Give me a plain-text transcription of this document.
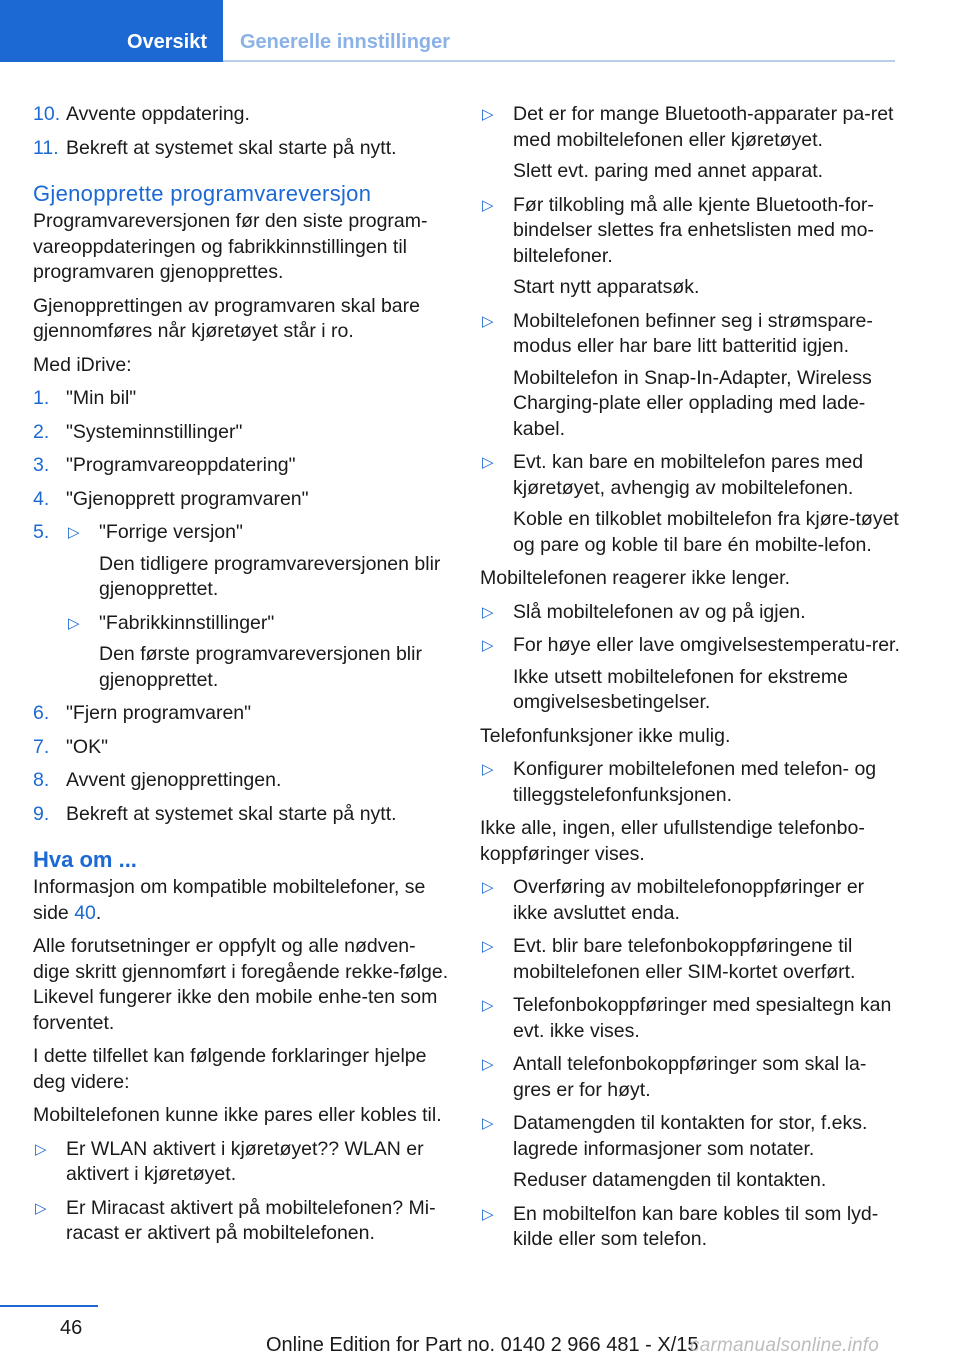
Oversikt	Generelle innstillinger
10. Avvente oppdatering.
11. Bekreft at systemet skal starte på nytt.
Gjenopprette programvareversjon

Programvareversjonen før den siste program-vareoppdateringen og fabrikkinnstillingen til programvaren gjenopprettes.

Gjenopprettingen av programvaren skal bare gjennomføres når kjøretøyet står i ro.

Med iDrive:

1. "Min bil"
2. "Systeminnstillinger"
3. "Programvareoppdatering"
4. "Gjenopprett programvaren"
5. ▷ "Forrige versjon"
Den tidligere programvareversjonen blir gjenopprettet.
▷ "Fabrikkinnstillinger"
Den første programvareversjonen blir gjenopprettet.
6. "Fjern programvaren"
7. "OK"
8. Avvent gjenopprettingen.
9. Bekreft at systemet skal starte på nytt.
Hva om ...

Informasjon om kompatible mobiltelefoner, se side 40.

Alle forutsetninger er oppfylt og alle nødven-dige skritt gjennomført i foregående rekke-følge. Likevel fungerer ikke den mobile enhe-ten som forventet.

I dette tilfellet kan følgende forklaringer hjelpe deg videre:

Mobiltelefonen kunne ikke pares eller kobles til.

▷ Er WLAN aktivert i kjøretøyet?? WLAN er aktivert i kjøretøyet.
▷ Er Miracast aktivert på mobiltelefonen? Mi-racast er aktivert på mobiltelefonen.
▷ Det er for mange Bluetooth-apparater pa-ret med mobiltelefonen eller kjøretøyet.
Slett evt. paring med annet apparat.
▷ Før tilkobling må alle kjente Bluetooth-for-bindelser slettes fra enhetslisten med mo-biltelefoner.
Start nytt apparatsøk.
▷ Mobiltelefonen befinner seg i strømspare-modus eller har bare litt batteritid igjen.
Mobiltelefon in Snap-In-Adapter, Wireless Charging-plate eller opplading med lade-kabel.
▷ Evt. kan bare en mobiltelefon pares med kjøretøyet, avhengig av mobiltelefonen.
Koble en tilkoblet mobiltelefon fra kjøre-tøyet og pare og koble til bare én mobilte-lefon.

Mobiltelefonen reagerer ikke lenger.

▷ Slå mobiltelefonen av og på igjen.
▷ For høye eller lave omgivelsestemperatu-rer.
Ikke utsett mobiltelefonen for ekstreme omgivelsesbetingelser.

Telefonfunksjoner ikke mulig.

▷ Konfigurer mobiltelefonen med telefon- og tilleggstelefonfunksjonen.

Ikke alle, ingen, eller ufullstendige telefonbo-koppføringer vises.

▷ Overføring av mobiltelefonoppføringer er ikke avsluttet enda.
▷ Evt. blir bare telefonbokoppføringene til mobiltelefonen eller SIM-kortet overført.
▷ Telefonbokoppføringer med spesialtegn kan evt. ikke vises.
▷ Antall telefonbokoppføringer som skal la-gres er for høyt.
▷ Datamengden til kontakten for stor, f.eks. lagrede informasjoner som notater.
Reduser datamengden til kontakten.
▷ En mobiltelfon kan bare kobles til som lyd-kilde eller som telefon.
46
Online Edition for Part no. 0140 2 966 481 - X/15
carmanualsonline.info
